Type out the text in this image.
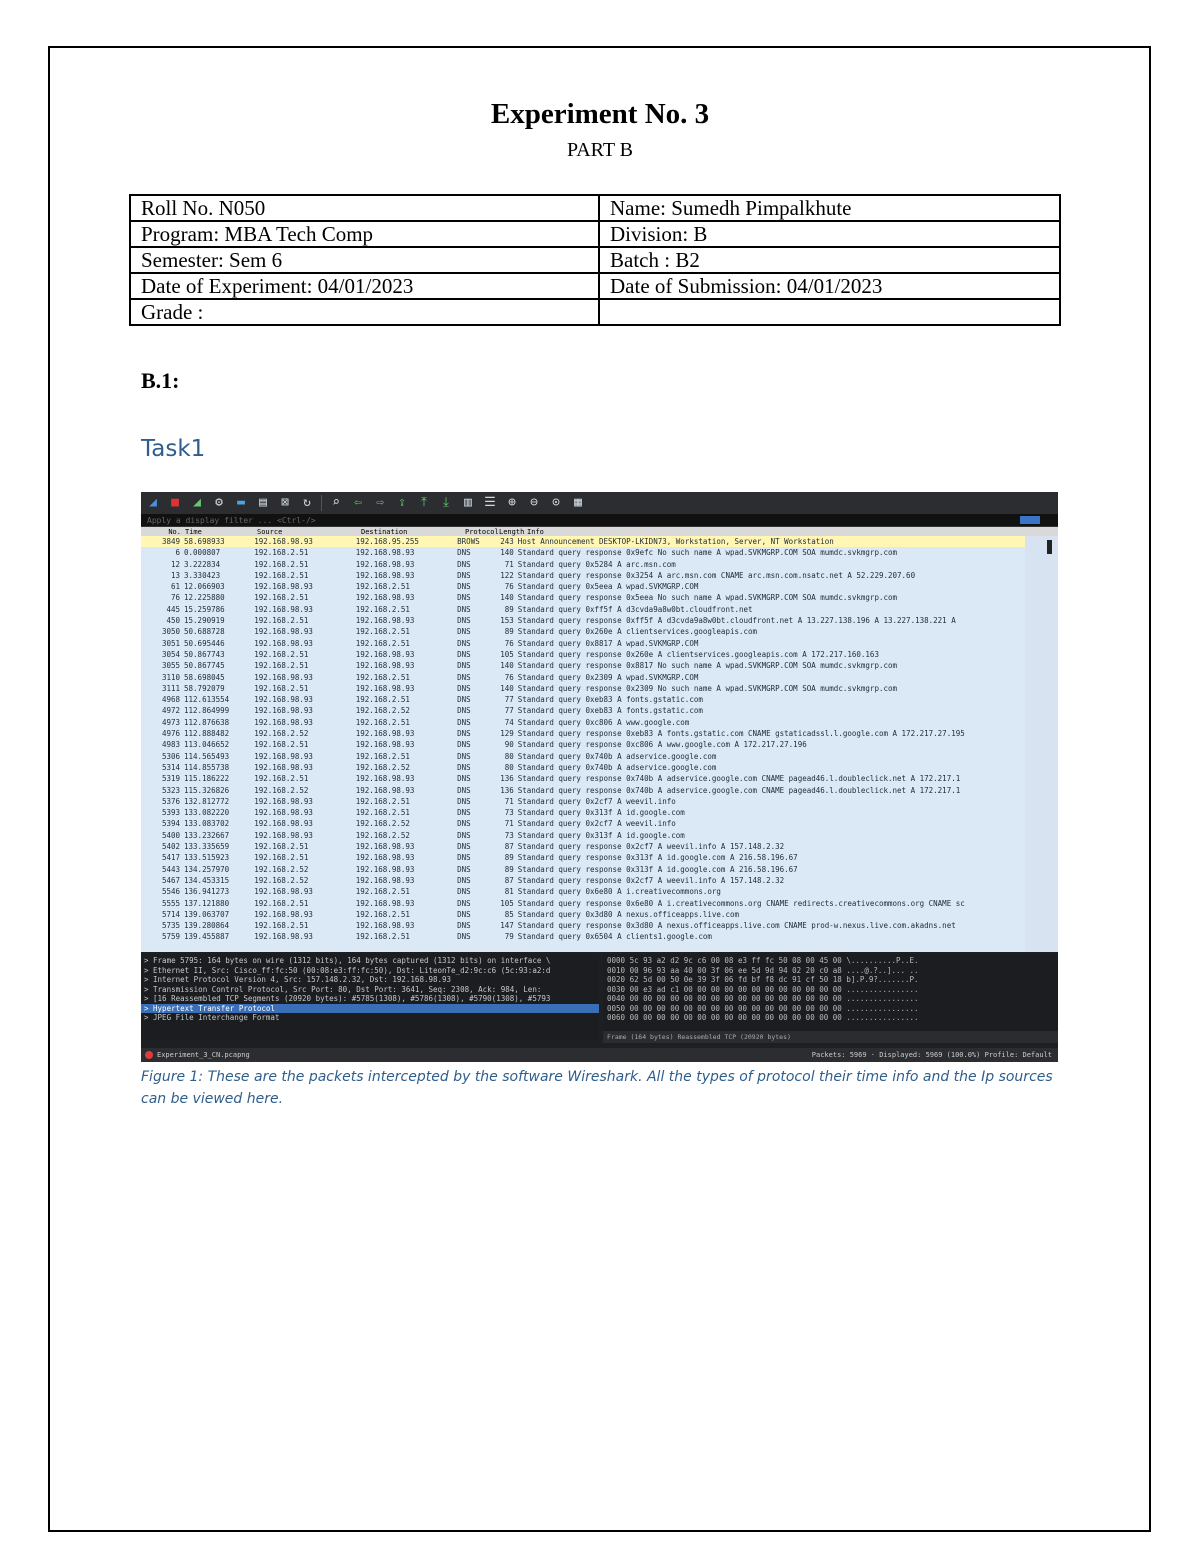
Experiment No. 3
PART B
Roll No. N050	Name: Sumedh Pimpalkhute
Program: MBA Tech Comp	Division: B
Semester: Sem 6	Batch : B2
Date of Experiment: 04/01/2023	Date of Submission: 04/01/2023
Grade :	
B.1:
Task1
◢	■	◢	⚙	▬	▤	⊠	↻	⌕	⇦	⇨	⇪	⤒	⤓	▥ ☰ ⊕	⊖	⊙	▦
Apply a display filter ... <Ctrl-/>
No. Time	Source	Destination	Protocol Length Info
3849 58.698933	192.168.98.93	192.168.95.255	BROWS	243 Host Announcement DESKTOP-LKIDN73, Workstation, Server, NT Workstation
6 0.000807	192.168.2.51	192.168.98.93	DNS	140 Standard query response 0x9efc No such name A wpad.SVKMGRP.COM SOA mumdc.svkmgrp.com
12 3.222834	192.168.2.51	192.168.98.93	DNS	71 Standard query 0x5284 A arc.msn.com
13 3.330423	192.168.2.51	192.168.98.93	DNS	122 Standard query response 0x3254 A arc.msn.com CNAME arc.msn.com.nsatc.net A 52.229.207.60
61 12.066903	192.168.98.93	192.168.2.51	DNS	76 Standard query 0x5eea A wpad.SVKMGRP.COM
76 12.225880	192.168.2.51	192.168.98.93	DNS	140 Standard query response 0x5eea No such name A wpad.SVKMGRP.COM SOA mumdc.svkmgrp.com
445 15.259786	192.168.98.93	192.168.2.51	DNS	89 Standard query 0xff5f A d3cvda9a8w0bt.cloudfront.net
450 15.290919	192.168.2.51	192.168.98.93	DNS	153 Standard query response 0xff5f A d3cvda9a8w0bt.cloudfront.net A 13.227.138.196 A 13.227.138.221 A
3050 50.688728	192.168.98.93	192.168.2.51	DNS	89 Standard query 0x260e A clientservices.googleapis.com
3051 50.695446	192.168.98.93	192.168.2.51	DNS	76 Standard query 0x8817 A wpad.SVKMGRP.COM
3054 50.867743	192.168.2.51	192.168.98.93	DNS	105 Standard query response 0x260e A clientservices.googleapis.com A 172.217.160.163
3055 50.867745	192.168.2.51	192.168.98.93	DNS	140 Standard query response 0x8817 No such name A wpad.SVKMGRP.COM SOA mumdc.svkmgrp.com
3110 58.698045	192.168.98.93	192.168.2.51	DNS	76 Standard query 0x2309 A wpad.SVKMGRP.COM
3111 58.792079	192.168.2.51	192.168.98.93	DNS	140 Standard query response 0x2309 No such name A wpad.SVKMGRP.COM SOA mumdc.svkmgrp.com
4968 112.613554	192.168.98.93	192.168.2.51	DNS	77 Standard query 0xeb83 A fonts.gstatic.com
4972 112.864999	192.168.98.93	192.168.2.52	DNS	77 Standard query 0xeb83 A fonts.gstatic.com
4973 112.876638	192.168.98.93	192.168.2.51	DNS	74 Standard query 0xc806 A www.google.com
4976 112.888482	192.168.2.52	192.168.98.93	DNS	129 Standard query response 0xeb83 A fonts.gstatic.com CNAME gstaticadssl.l.google.com A 172.217.27.195
4983 113.046652	192.168.2.51	192.168.98.93	DNS	90 Standard query response 0xc806 A www.google.com A 172.217.27.196
5306 114.565493	192.168.98.93	192.168.2.51	DNS	80 Standard query 0x740b A adservice.google.com
5314 114.855738	192.168.98.93	192.168.2.52	DNS	80 Standard query 0x740b A adservice.google.com
5319 115.186222	192.168.2.51	192.168.98.93	DNS	136 Standard query response 0x740b A adservice.google.com CNAME pagead46.l.doubleclick.net A 172.217.1
5323 115.326826	192.168.2.52	192.168.98.93	DNS	136 Standard query response 0x740b A adservice.google.com CNAME pagead46.l.doubleclick.net A 172.217.1
5376 132.812772	192.168.98.93	192.168.2.51	DNS	71 Standard query 0x2cf7 A weevil.info
5393 133.082220	192.168.98.93	192.168.2.51	DNS	73 Standard query 0x313f A id.google.com
5394 133.083702	192.168.98.93	192.168.2.52	DNS	71 Standard query 0x2cf7 A weevil.info
5400 133.232667	192.168.98.93	192.168.2.52	DNS	73 Standard query 0x313f A id.google.com
5402 133.335659	192.168.2.51	192.168.98.93	DNS	87 Standard query response 0x2cf7 A weevil.info A 157.148.2.32
5417 133.515923	192.168.2.51	192.168.98.93	DNS	89 Standard query response 0x313f A id.google.com A 216.58.196.67
5443 134.257970	192.168.2.52	192.168.98.93	DNS	89 Standard query response 0x313f A id.google.com A 216.58.196.67
5467 134.453315	192.168.2.52	192.168.98.93	DNS	87 Standard query response 0x2cf7 A weevil.info A 157.148.2.32
5546 136.941273	192.168.98.93	192.168.2.51	DNS	81 Standard query 0x6e80 A i.creativecommons.org
5555 137.121880	192.168.2.51	192.168.98.93	DNS	105 Standard query response 0x6e80 A i.creativecommons.org CNAME redirects.creativecommons.org CNAME sc
5714 139.063707	192.168.98.93	192.168.2.51	DNS	85 Standard query 0x3d80 A nexus.officeapps.live.com
5735 139.280864	192.168.2.51	192.168.98.93	DNS	147 Standard query response 0x3d80 A nexus.officeapps.live.com CNAME prod-w.nexus.live.com.akadns.net
5759 139.455887	192.168.98.93	192.168.2.51	DNS	79 Standard query 0x6504 A clients1.google.com
> Frame 5795: 164 bytes on wire (1312 bits), 164 bytes captured (1312 bits) on interface \
> Ethernet II, Src: Cisco_ff:fc:50 (00:08:e3:ff:fc:50), Dst: LiteonTe_d2:9c:c6 (5c:93:a2:d
> Internet Protocol Version 4, Src: 157.148.2.32, Dst: 192.168.98.93
> Transmission Control Protocol, Src Port: 80, Dst Port: 3641, Seq: 2308, Ack: 984, Len:
> [16 Reassembled TCP Segments (20920 bytes): #5785(1308), #5786(1308), #5790(1308), #5793
> Hypertext Transfer Protocol
> JPEG File Interchange Format
0000 5c 93 a2 d2 9c c6 00 08 e3 ff fc 50 08 00 45 00 \..........P..E.
0010 00 96 93 aa 40 00 3f 06 ee 5d 9d 94 02 20 c0 a8 ....@.?..]... ..
0020 62 5d 00 50 0e 39 3f 06 fd bf f8 dc 91 cf 50 18 b].P.9?.......P.
0030 00 e3 ad c1 00 00 00 00 00 00 00 00 00 00 00 00 ................
0040 00 00 00 00 00 00 00 00 00 00 00 00 00 00 00 00 ................
0050 00 00 00 00 00 00 00 00 00 00 00 00 00 00 00 00 ................
0060 00 00 00 00 00 00 00 00 00 00 00 00 00 00 00 00 ................
Frame (164 bytes) Reassembled TCP (20920 bytes)
Experiment_3_CN.pcapng	Packets: 5969 · Displayed: 5969 (100.0%) Profile: Default
Figure 1: These are the packets intercepted by the software Wireshark. All the types of protocol their time info and the Ip sources can be viewed here.
